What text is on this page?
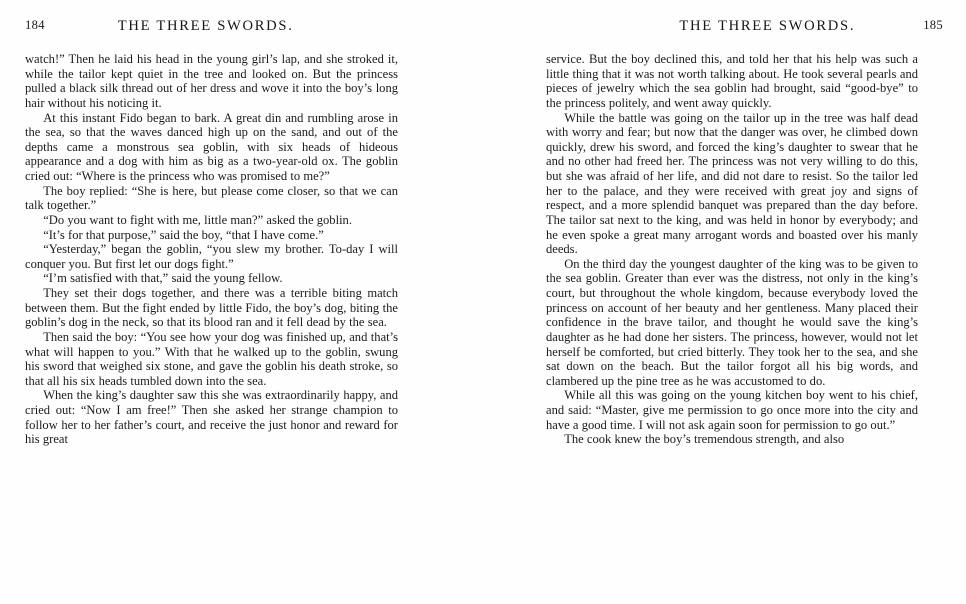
184	THE THREE SWORDS.

watch!” Then he laid his head in the young girl’s lap, and she stroked it, while the tailor kept quiet in the tree and looked on. But the princess pulled a black silk thread out of her dress and wove it into the boy’s long hair without his noticing it.

At this instant Fido began to bark. A great din and rumbling arose in the sea, so that the waves danced high up on the sand, and out of the depths came a monstrous sea goblin, with six heads of hideous appearance and a dog with him as big as a two-year-old ox. The goblin cried out: “Where is the princess who was promised to me?”

The boy replied: “She is here, but please come closer, so that we can talk together.”

“Do you want to fight with me, little man?” asked the goblin.

“It’s for that purpose,” said the boy, “that I have come.”

“Yesterday,” began the goblin, “you slew my brother. To-day I will conquer you. But first let our dogs fight.”

“I’m satisfied with that,” said the young fellow.

They set their dogs together, and there was a terrible biting match between them. But the fight ended by little Fido, the boy’s dog, biting the goblin’s dog in the neck, so that its blood ran and it fell dead by the sea.

Then said the boy: “You see how your dog was finished up, and that’s what will happen to you.” With that he walked up to the goblin, swung his sword that weighed six stone, and gave the goblin his death stroke, so that all his six heads tumbled down into the sea.

When the king’s daughter saw this she was extraordinarily happy, and cried out: “Now I am free!” Then she asked her strange champion to follow her to her father’s court, and receive the just honor and reward for his great

THE THREE SWORDS.	185

service. But the boy declined this, and told her that his help was such a little thing that it was not worth talking about. He took several pearls and pieces of jewelry which the sea goblin had brought, said “good-bye” to the princess politely, and went away quickly.

While the battle was going on the tailor up in the tree was half dead with worry and fear; but now that the danger was over, he climbed down quickly, drew his sword, and forced the king’s daughter to swear that he and no other had freed her. The princess was not very willing to do this, but she was afraid of her life, and did not dare to resist. So the tailor led her to the palace, and they were received with great joy and signs of respect, and a more splendid banquet was prepared than the day before. The tailor sat next to the king, and was held in honor by everybody; and he even spoke a great many arrogant words and boasted over his manly deeds.

On the third day the youngest daughter of the king was to be given to the sea goblin. Greater than ever was the distress, not only in the king’s court, but throughout the whole kingdom, because everybody loved the princess on account of her beauty and her gentleness. Many placed their confidence in the brave tailor, and thought he would save the king’s daughter as he had done her sisters. The princess, however, would not let herself be comforted, but cried bitterly. They took her to the sea, and she sat down on the beach. But the tailor forgot all his big words, and clambered up the pine tree as he was accustomed to do.

While all this was going on the young kitchen boy went to his chief, and said: “Master, give me permission to go once more into the city and have a good time. I will not ask again soon for permission to go out.”

The cook knew the boy’s tremendous strength, and also
